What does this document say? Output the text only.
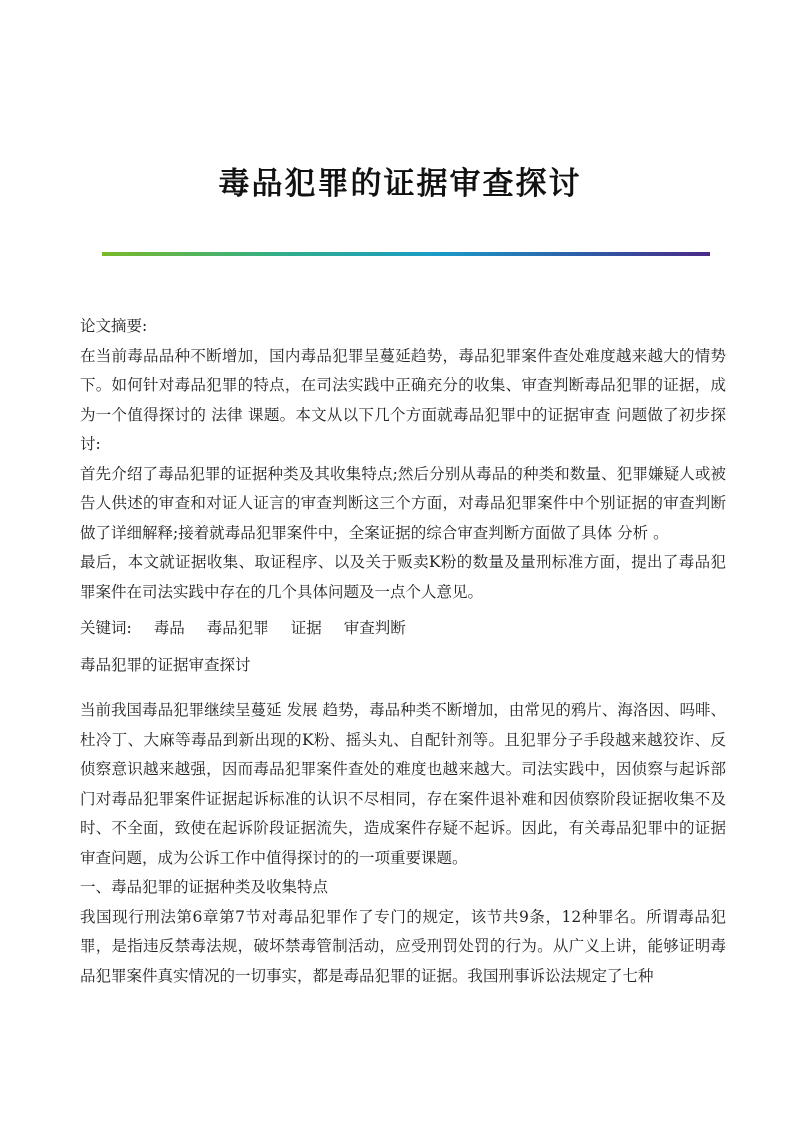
毒品犯罪的证据审查探讨

论文摘要:

在当前毒品品种不断增加，国内毒品犯罪呈蔓延趋势，毒品犯罪案件查处难度越来越大的情势下。如何针对毒品犯罪的特点，在司法实践中正确充分的收集、审查判断毒品犯罪的证据，成为一个值得探讨的 法律 课题。本文从以下几个方面就毒品犯罪中的证据审查 问题做了初步探讨:

首先介绍了毒品犯罪的证据种类及其收集特点;然后分别从毒品的种类和数量、犯罪嫌疑人或被告人供述的审查和对证人证言的审查判断这三个方面，对毒品犯罪案件中个别证据的审查判断做了详细解释;接着就毒品犯罪案件中，全案证据的综合审查判断方面做了具体 分析 。

最后，本文就证据收集、取证程序、以及关于贩卖K粉的数量及量刑标准方面，提出了毒品犯罪案件在司法实践中存在的几个具体问题及一点个人意见。

关键词: 毒品 毒品犯罪 证据 审查判断

毒品犯罪的证据审查探讨

当前我国毒品犯罪继续呈蔓延 发展 趋势，毒品种类不断增加，由常见的鸦片、海洛因、吗啡、杜冷丁、大麻等毒品到新出现的K粉、摇头丸、自配针剂等。且犯罪分子手段越来越狡诈、反侦察意识越来越强，因而毒品犯罪案件查处的难度也越来越大。司法实践中，因侦察与起诉部门对毒品犯罪案件证据起诉标准的认识不尽相同，存在案件退补难和因侦察阶段证据收集不及时、不全面，致使在起诉阶段证据流失，造成案件存疑不起诉。因此，有关毒品犯罪中的证据审查问题，成为公诉工作中值得探讨的的一项重要课题。

一、毒品犯罪的证据种类及收集特点

我国现行刑法第6章第7节对毒品犯罪作了专门的规定，该节共9条，12种罪名。所谓毒品犯罪，是指违反禁毒法规，破坏禁毒管制活动，应受刑罚处罚的行为。从广义上讲，能够证明毒品犯罪案件真实情况的一切事实，都是毒品犯罪的证据。我国刑事诉讼法规定了七种
